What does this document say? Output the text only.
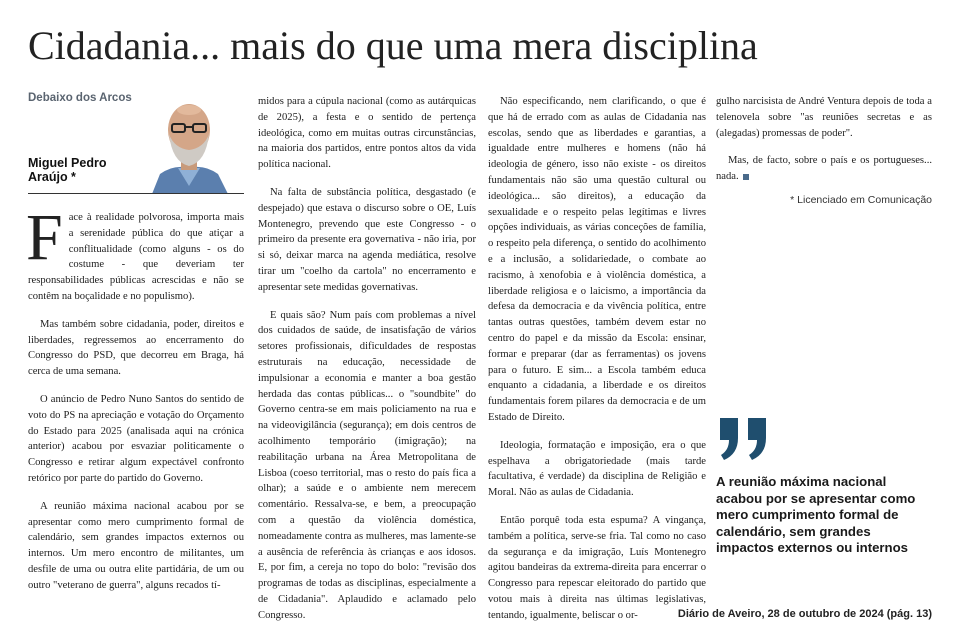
Cidadania... mais do que uma mera disciplina
Debaixo dos Arcos
Miguel Pedro Araújo *

Face à realidade polvorosa, importa mais a serenidade pública do que atiçar a conflitualidade (como alguns - os do costume - que deveriam ter responsabilidades públicas acrescidas e não se contêm na boçalidade e no populismo).

Mas também sobre cidadania, poder, direitos e liberdades, regressemos ao encerramento do Congresso do PSD, que decorreu em Braga, há cerca de uma semana.

O anúncio de Pedro Nuno Santos do sentido de voto do PS na apreciação e votação do Orçamento do Estado para 2025 (analisada aqui na crónica anterior) acabou por esvaziar politicamente o Congresso e retirar algum expectável confronto retórico por parte do partido do Governo.

A reunião máxima nacional acabou por se apresentar como mero cumprimento formal de calendário, sem grandes impactos externos ou internos. Um mero encontro de militantes, um desfile de uma ou outra elite partidária, de um ou outro "veterano de guerra", alguns recados tí-

midos para a cúpula nacional (como as autárquicas de 2025), a festa e o sentido de pertença ideológica, como em muitas outras circunstâncias, na maioria dos partidos, entre pontos altos da vida política nacional.

Na falta de substância política, desgastado (e despejado) que estava o discurso sobre o OE, Luís Montenegro, prevendo que este Congresso - o primeiro da presente era governativa - não iria, por si só, deixar marca na agenda mediática, resolve tirar um "coelho da cartola" no encerramento e apresentar sete medidas governativas.

E quais são? Num país com problemas a nível dos cuidados de saúde, de insatisfação de vários setores profissionais, dificuldades de respostas estruturais na educação, necessidade de impulsionar a economia e manter a boa gestão herdada das contas públicas... o "soundbite" do Governo centra-se em mais policiamento na rua e na videovigilância (segurança); em dois centros de acolhimento temporário (imigração); na reabilitação urbana na Área Metropolitana de Lisboa (coeso territorial, mas o resto do país fica a olhar); a saúde e o ambiente nem merecem comentário. Ressalva-se, e bem, a preocupação com a questão da violência doméstica, nomeadamente contra as mulheres, mas lamente-se a ausência de referência às crianças e aos idosos. E, por fim, a cereja no topo do bolo: "revisão dos programas de todas as disciplinas, especialmente a de Cidadania". Aplaudido e aclamado pelo Congresso.

Não especificando, nem clarificando, o que é que há de errado com as aulas de Cidadania nas escolas, sendo que as liberdades e garantias, a igualdade entre mulheres e homens (não há ideologia de género, isso não existe - os direitos fundamentais não são uma questão cultural ou ideológica... são direitos), a educação da sexualidade e o respeito pelas legítimas e livres opções individuais, as várias conceções de família, o respeito pela diferença, o sentido do acolhimento e a inclusão, a solidariedade, o combate ao racismo, à xenofobia e à violência doméstica, a liberdade religiosa e o laicismo, a importância da defesa da democracia e da vivência política, entre tantas outras questões, também devem estar no centro do papel e da missão da Escola: ensinar, formar e preparar (dar as ferramentas) os jovens para o futuro. E sim... a Escola também educa enquanto a cidadania, a liberdade e os direitos fundamentais forem pilares da democracia e de um Estado de Direito.

Ideologia, formatação e imposição, era o que espelhava a obrigatoriedade (mais tarde facultativa, é verdade) da disciplina de Religião e Moral. Não as aulas de Cidadania.

Então porquê toda esta espuma? A vingança, também a política, serve-se fria. Tal como no caso da segurança e da imigração, Luís Montenegro agitou bandeiras da extrema-direita para encerrar o Congresso para repescar eleitorado do partido que votou mais à direita nas últimas legislativas, tentando, igualmente, beliscar o or-

gulho narcisista de André Ventura depois de toda a telenovela sobre "as reuniões secretas e as (alegadas) promessas de poder".

Mas, de facto, sobre o país e os portugueses... nada.

* Licenciado em Comunicação
A reunião máxima nacional acabou por se apresentar como mero cumprimento formal de calendário, sem grandes impactos externos ou internos
Diário de Aveiro, 28 de outubro de 2024 (pág. 13)
